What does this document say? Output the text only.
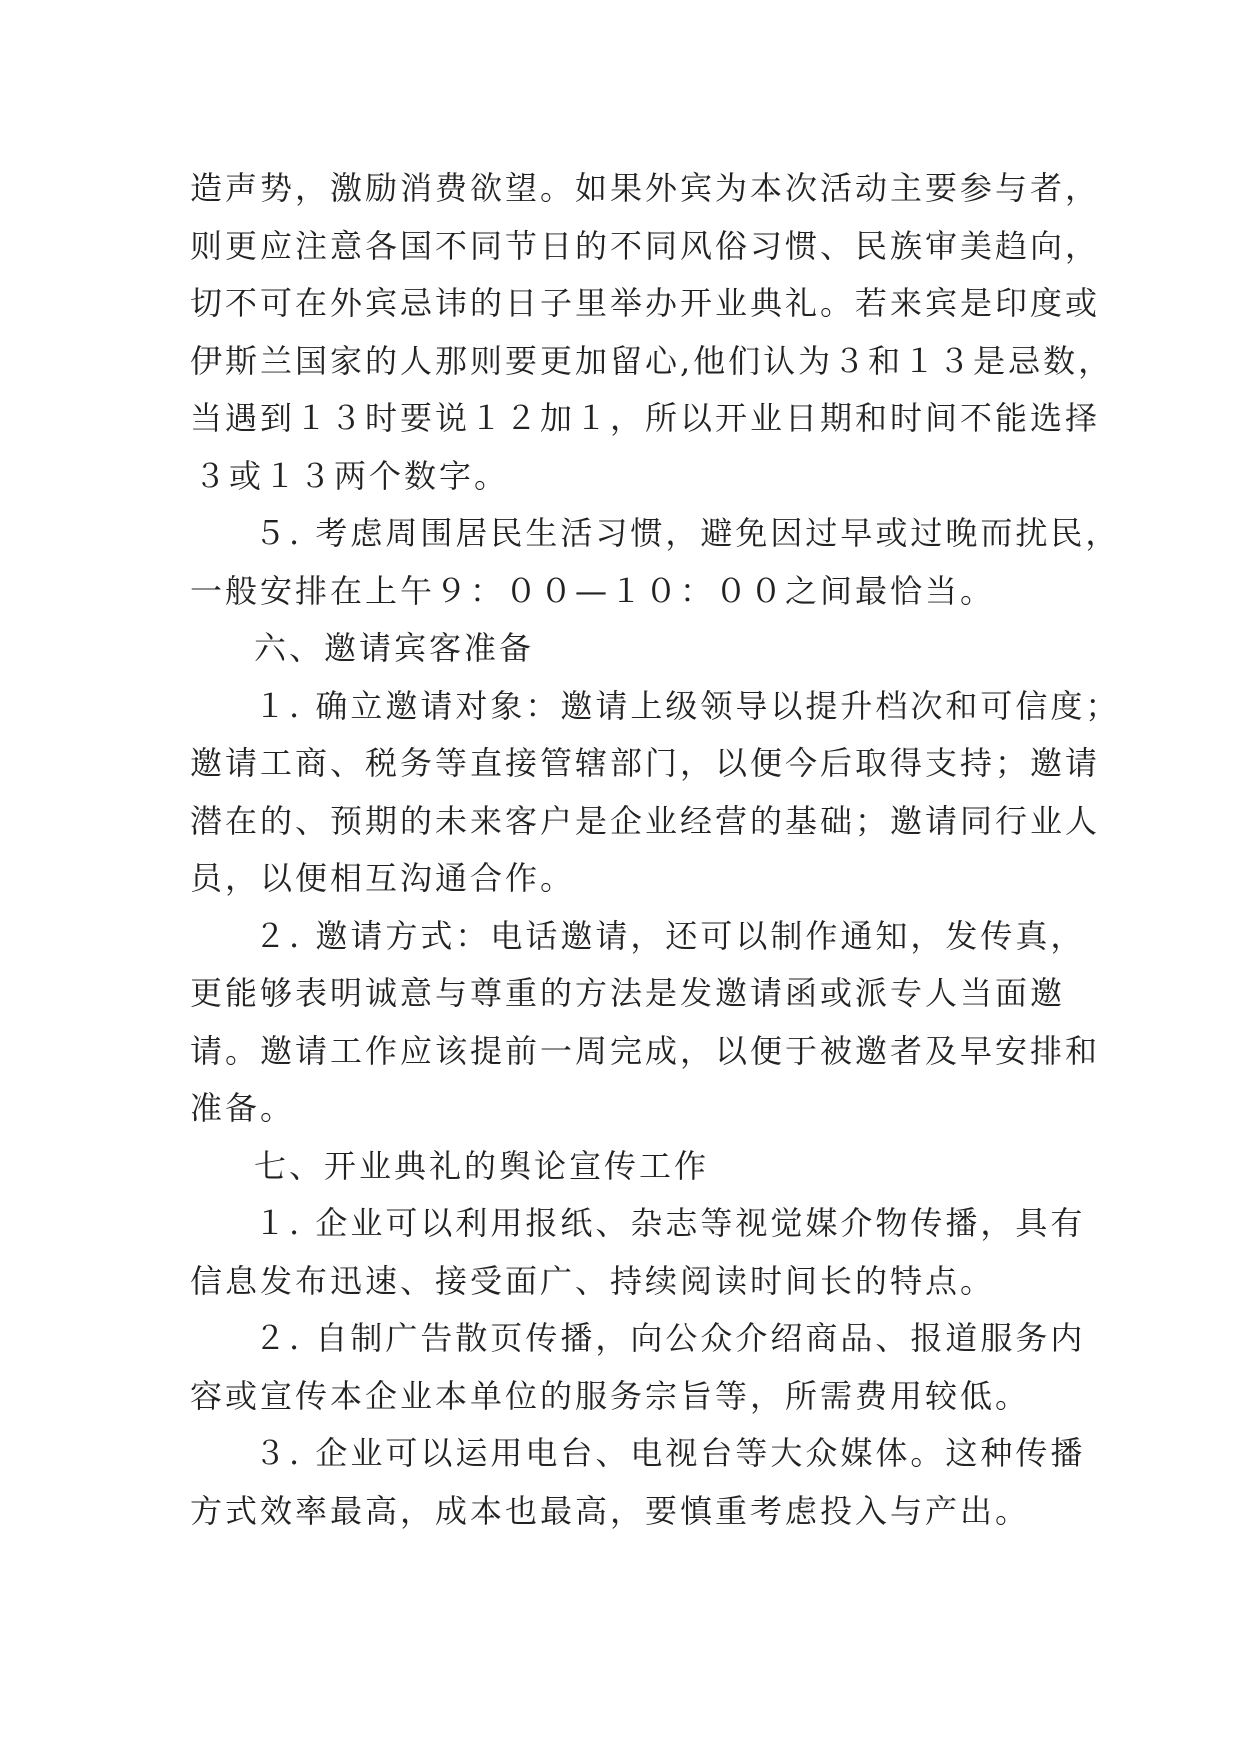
造声势，激励消费欲望。如果外宾为本次活动主要参与者，
则更应注意各国不同节日的不同风俗习惯、民族审美趋向，
切不可在外宾忌讳的日子里举办开业典礼。若来宾是印度或
伊斯兰国家的人那则要更加留心,他们认为３和１３是忌数，
当遇到１３时要说１２加１，所以开业日期和时间不能选择
３或１３两个数字。

５. 考虑周围居民生活习惯，避免因过早或过晚而扰民，
一般安排在上午９：００—１０：００之间最恰当。

六、邀请宾客准备

１. 确立邀请对象：邀请上级领导以提升档次和可信度；
邀请工商、税务等直接管辖部门，以便今后取得支持；邀请
潜在的、预期的未来客户是企业经营的基础；邀请同行业人
员，以便相互沟通合作。

２. 邀请方式：电话邀请，还可以制作通知，发传真，
更能够表明诚意与尊重的方法是发邀请函或派专人当面邀
请。邀请工作应该提前一周完成，以便于被邀者及早安排和
准备。

七、开业典礼的舆论宣传工作

１. 企业可以利用报纸、杂志等视觉媒介物传播，具有
信息发布迅速、接受面广、持续阅读时间长的特点。

２. 自制广告散页传播，向公众介绍商品、报道服务内
容或宣传本企业本单位的服务宗旨等，所需费用较低。

３. 企业可以运用电台、电视台等大众媒体。这种传播
方式效率最高，成本也最高，要慎重考虑投入与产出。
